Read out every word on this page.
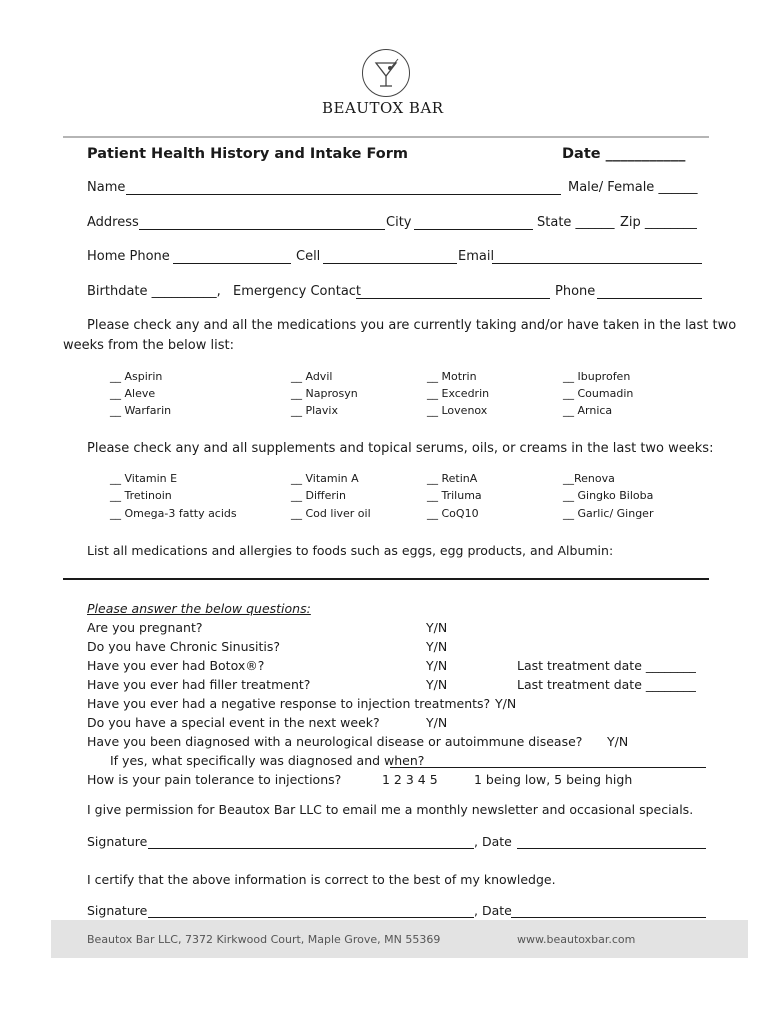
BEAUTOX BAR
Patient Health History and Intake Form	Date ___________
Name	Male/ Female ______
Address	City	State ______ Zip ________
Home Phone	Cell	Email
Birthdate __________, Emergency Contact	Phone
Please check any and all the medications you are currently taking and/or have taken in the last two
weeks from the below list:
__ Aspirin	__ Advil	__ Motrin	__ Ibuprofen
__ Aleve	__ Naprosyn	__ Excedrin	__ Coumadin
__ Warfarin	__ Plavix	__ Lovenox	__ Arnica
Please check any and all supplements and topical serums, oils, or creams in the last two weeks:
__ Vitamin E	__ Vitamin A	__ RetinA	__Renova
__ Tretinoin	__ Differin	__ Triluma	__ Gingko Biloba
__ Omega-3 fatty acids	__ Cod liver oil	__ CoQ10	__ Garlic/ Ginger
List all medications and allergies to foods such as eggs, egg products, and Albumin:
Please answer the below questions:
Are you pregnant?	Y/N
Do you have Chronic Sinusitis?	Y/N
Have you ever had Botox®?	Y/N	Last treatment date ________
Have you ever had filler treatment?	Y/N	Last treatment date ________
Have you ever had a negative response to injection treatments? Y/N
Do you have a special event in the next week?	Y/N
Have you been diagnosed with a neurological disease or autoimmune disease? Y/N
If yes, what specifically was diagnosed and when?
How is your pain tolerance to injections?	1 2 3 4 5	1 being low, 5 being high
I give permission for Beautox Bar LLC to email me a monthly newsletter and occasional specials.
Signature	, Date
I certify that the above information is correct to the best of my knowledge.
Signature	, Date
Beautox Bar LLC, 7372 Kirkwood Court, Maple Grove, MN 55369	www.beautoxbar.com
